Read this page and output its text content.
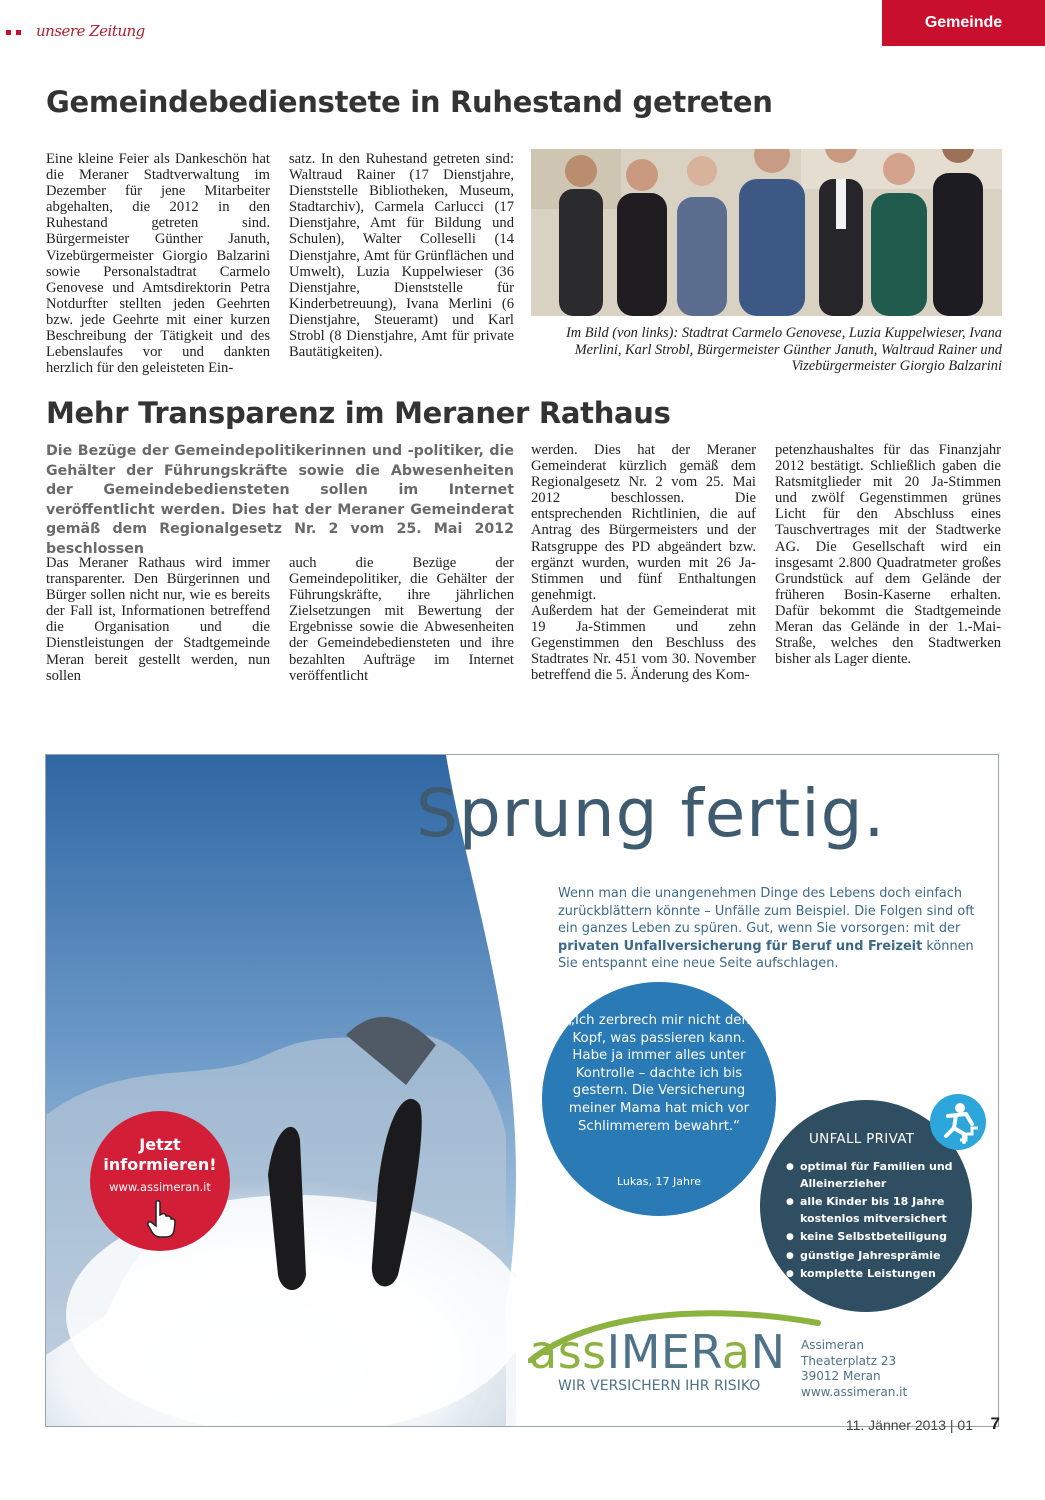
unsere Zeitung	Gemeinde
Gemeindebedienstete in Ruhestand getreten
Eine kleine Feier als Dankeschön hat die Meraner Stadtverwaltung im Dezember für jene Mitarbeiter abgehalten, die 2012 in den Ruhestand getreten sind. Bürgermeister Günther Januth, Vizebürgermeister Giorgio Balzarini sowie Personalstadtrat Carmelo Genovese und Amtsdirektorin Petra Notdurfter stellten jeden Geehrten bzw. jede Geehrte mit einer kurzen Beschreibung der Tätigkeit und des Lebenslaufes vor und dankten herzlich für den geleisteten Ein-
satz. In den Ruhestand getreten sind: Waltraud Rainer (17 Dienstjahre, Dienststelle Bibliotheken, Museum, Stadtarchiv), Carmela Carlucci (17 Dienstjahre, Amt für Bildung und Schulen), Walter Colleselli (14 Dienstjahre, Amt für Grünflächen und Umwelt), Luzia Kuppelwieser (36 Dienstjahre, Dienststelle für Kinderbetreuung), Ivana Merlini (6 Dienstjahre, Steueramt) und Karl Strobl (8 Dienstjahre, Amt für private Bautätigkeiten).
Im Bild (von links): Stadtrat Carmelo Genovese, Luzia Kuppelwieser, Ivana Merlini, Karl Strobl, Bürgermeister Günther Januth, Waltraud Rainer und Vizebürgermeister Giorgio Balzarini
Mehr Transparenz im Meraner Rathaus
Die Bezüge der Gemeindepolitikerinnen und -politiker, die Gehälter der Führungskräfte sowie die Abwesenheiten der Gemeindebediensteten sollen im Internet veröffentlicht werden. Dies hat der Meraner Gemeinderat gemäß dem Regionalgesetz Nr. 2 vom 25. Mai 2012 beschlossen
Das Meraner Rathaus wird immer transparenter. Den Bürgerinnen und Bürger sollen nicht nur, wie es bereits der Fall ist, Informationen betreffend die Organisation und die Dienstleistungen der Stadtgemeinde Meran bereit gestellt werden, nun sollen
auch die Bezüge der Gemeindepolitiker, die Gehälter der Führungskräfte, ihre jährlichen Zielsetzungen mit Bewertung der Ergebnisse sowie die Abwesenheiten der Gemeindebediensteten und ihre bezahlten Aufträge im Internet veröffentlicht
werden. Dies hat der Meraner Gemeinderat kürzlich gemäß dem Regionalgesetz Nr. 2 vom 25. Mai 2012 beschlossen. Die entsprechenden Richtlinien, die auf Antrag des Bürgermeisters und der Ratsgruppe des PD abgeändert bzw. ergänzt wurden, wurden mit 26 Ja-Stimmen und fünf Enthaltungen genehmigt.
Außerdem hat der Gemeinderat mit 19 Ja-Stimmen und zehn Gegenstimmen den Beschluss des Stadtrates Nr. 451 vom 30. November betreffend die 5. Änderung des Kom-
petenzhaushaltes für das Finanzjahr 2012 bestätigt. Schließlich gaben die Ratsmitglieder mit 20 Ja-Stimmen und zwölf Gegenstimmen grünes Licht für den Abschluss eines Tauschvertrages mit der Stadtwerke AG. Die Gesellschaft wird ein insgesamt 2.800 Quadratmeter großes Grundstück auf dem Gelände der früheren Bosin-Kaserne erhalten. Dafür bekommt die Stadtgemeinde Meran das Gelände in der 1.-Mai-Straße, welches den Stadtwerken bisher als Lager diente.
Sprung fertig.
Wenn man die unangenehmen Dinge des Lebens doch einfach zurückblättern könnte – Unfälle zum Beispiel. Die Folgen sind oft ein ganzes Leben zu spüren. Gut, wenn Sie vorsorgen: mit der privaten Unfallversicherung für Beruf und Freizeit können Sie entspannt eine neue Seite aufschlagen.
„Ich zerbrech mir nicht den Kopf, was passieren kann. Habe ja immer alles unter Kontrolle – dachte ich bis gestern. Die Versicherung meiner Mama hat mich vor Schlimmerem bewahrt.“
Lukas, 17 Jahre
UNFALL PRIVAT
● optimal für Familien und Alleinerzieher
● alle Kinder bis 18 Jahre kostenlos mitversichert
● keine Selbstbeteiligung
● günstige Jahresprämie
● komplette Leistungen
Jetzt informieren!
www.assimeran.it
assIMERaN
WIR VERSICHERN IHR RISIKO
Assimeran
Theaterplatz 23
39012 Meran
www.assimeran.it
11. Jänner 2013 | 01 7
